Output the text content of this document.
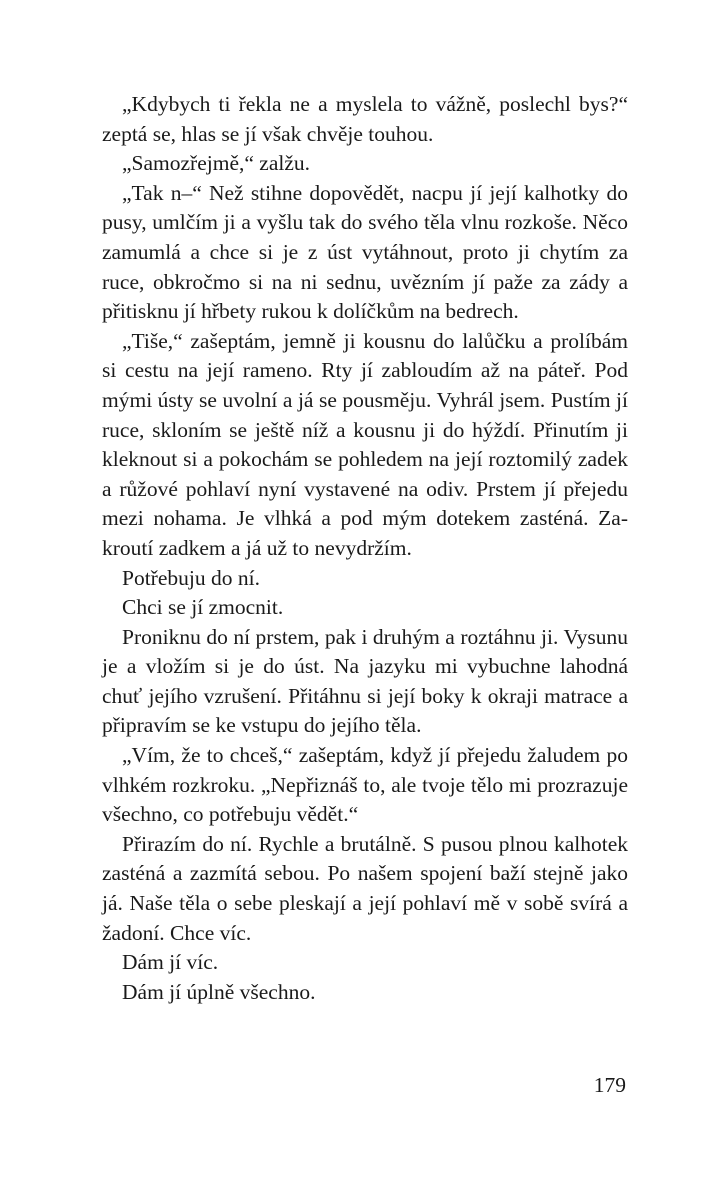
„Kdybych ti řekla ne a myslela to vážně, poslechl bys?“ zeptá se, hlas se jí však chvěje touhou.

„Samozřejmě,“ zalžu.

„Tak n–“ Než stihne dopovědět, nacpu jí její kalhotky do pusy, umlčím ji a vyšlu tak do svého těla vlnu rozkoše. Něco zamumlá a chce si je z úst vytáhnout, proto ji chytím za ruce, obkročmo si na ni sednu, uvězním jí paže za zády a přitisknu jí hřbety rukou k dolíčkům na bedrech.

„Tiše,“ zašeptám, jemně ji kousnu do lalůčku a prolíbám si cestu na její rameno. Rty jí zabloudím až na páteř. Pod mými ústy se uvolní a já se pousměju. Vyhrál jsem. Pustím jí ruce, skloním se ještě níž a kousnu ji do hýždí. Přinutím ji kleknout si a pokochám se pohledem na její roztomilý zadek a růžové pohlaví nyní vystavené na odiv. Prstem jí přejedu mezi nohama. Je vlhká a pod mým dotekem zasténá. Zakroutí zadkem a já už to nevydržím.

Potřebuju do ní.

Chci se jí zmocnit.

Proniknu do ní prstem, pak i druhým a roztáhnu ji. Vysunu je a vložím si je do úst. Na jazyku mi vybuchne lahodná chuť jejího vzrušení. Přitáhnu si její boky k okraji matrace a připravím se ke vstupu do jejího těla.

„Vím, že to chceš,“ zašeptám, když jí přejedu žaludem po vlhkém rozkroku. „Nepřiznáš to, ale tvoje tělo mi prozrazuje všechno, co potřebuju vědět.“

Přirazím do ní. Rychle a brutálně. S pusou plnou kalhotek zasténá a zazmítá sebou. Po našem spojení baží stejně jako já. Naše těla o sebe pleskají a její pohlaví mě v sobě svírá a žadoní. Chce víc.

Dám jí víc.

Dám jí úplně všechno.

179
